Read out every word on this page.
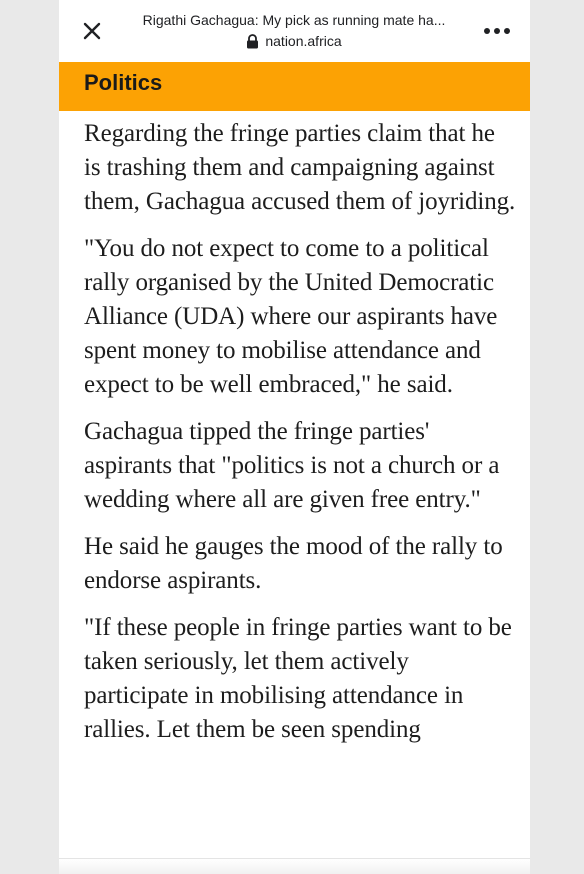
Rigathi Gachagua: My pick as running mate ha...
nation.africa
Politics

Regarding the fringe parties claim that he is trashing them and campaigning against them, Gachagua accused them of joyriding.

"You do not expect to come to a political rally organised by the United Democratic Alliance (UDA) where our aspirants have spent money to mobilise attendance and expect to be well embraced," he said.

Gachagua tipped the fringe parties' aspirants that "politics is not a church or a wedding where all are given free entry."

He said he gauges the mood of the rally to endorse aspirants.

"If these people in fringe parties want to be taken seriously, let them actively participate in mobilising attendance in rallies. Let them be seen spending
